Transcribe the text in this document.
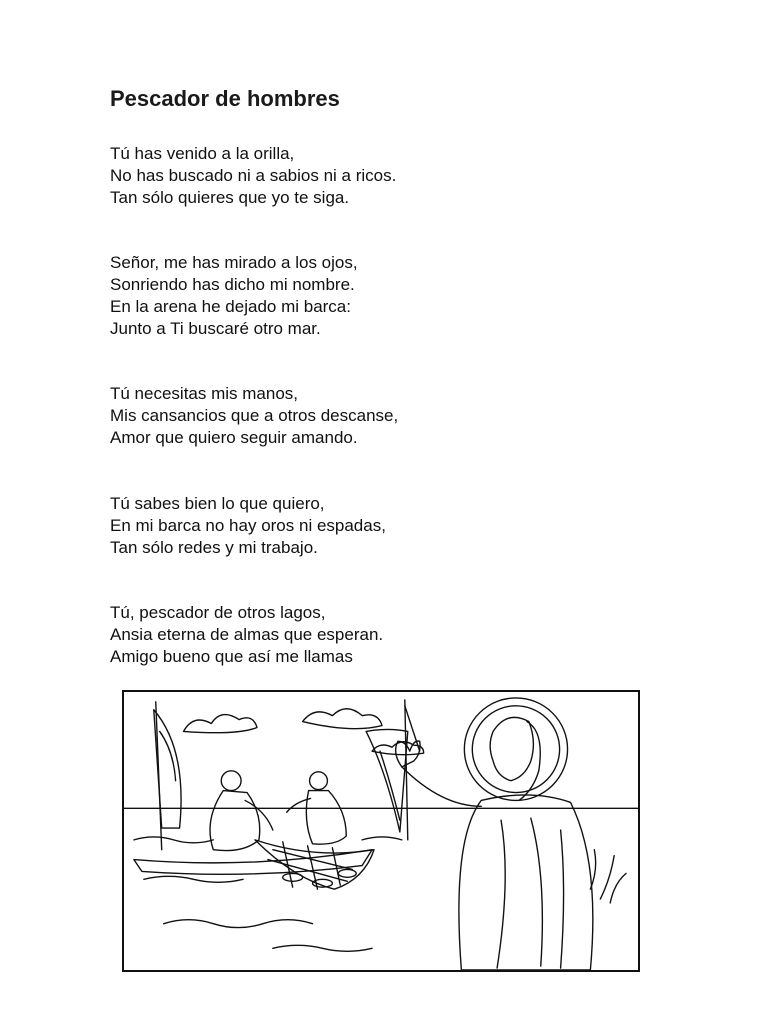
Pescador de hombres
Tú has venido a la orilla,
No has buscado ni a sabios ni a ricos.
Tan sólo quieres que yo te siga.
Señor, me has mirado a los ojos,
Sonriendo has dicho mi nombre.
En la arena he dejado mi barca:
Junto a Ti buscaré otro mar.
Tú necesitas mis manos,
Mis cansancios que a otros descanse,
Amor que quiero seguir amando.
Tú sabes bien lo que quiero,
En mi barca no hay oros ni espadas,
Tan sólo redes y mi trabajo.
Tú, pescador de otros lagos,
Ansia eterna de almas que esperan.
Amigo bueno que así me llamas
